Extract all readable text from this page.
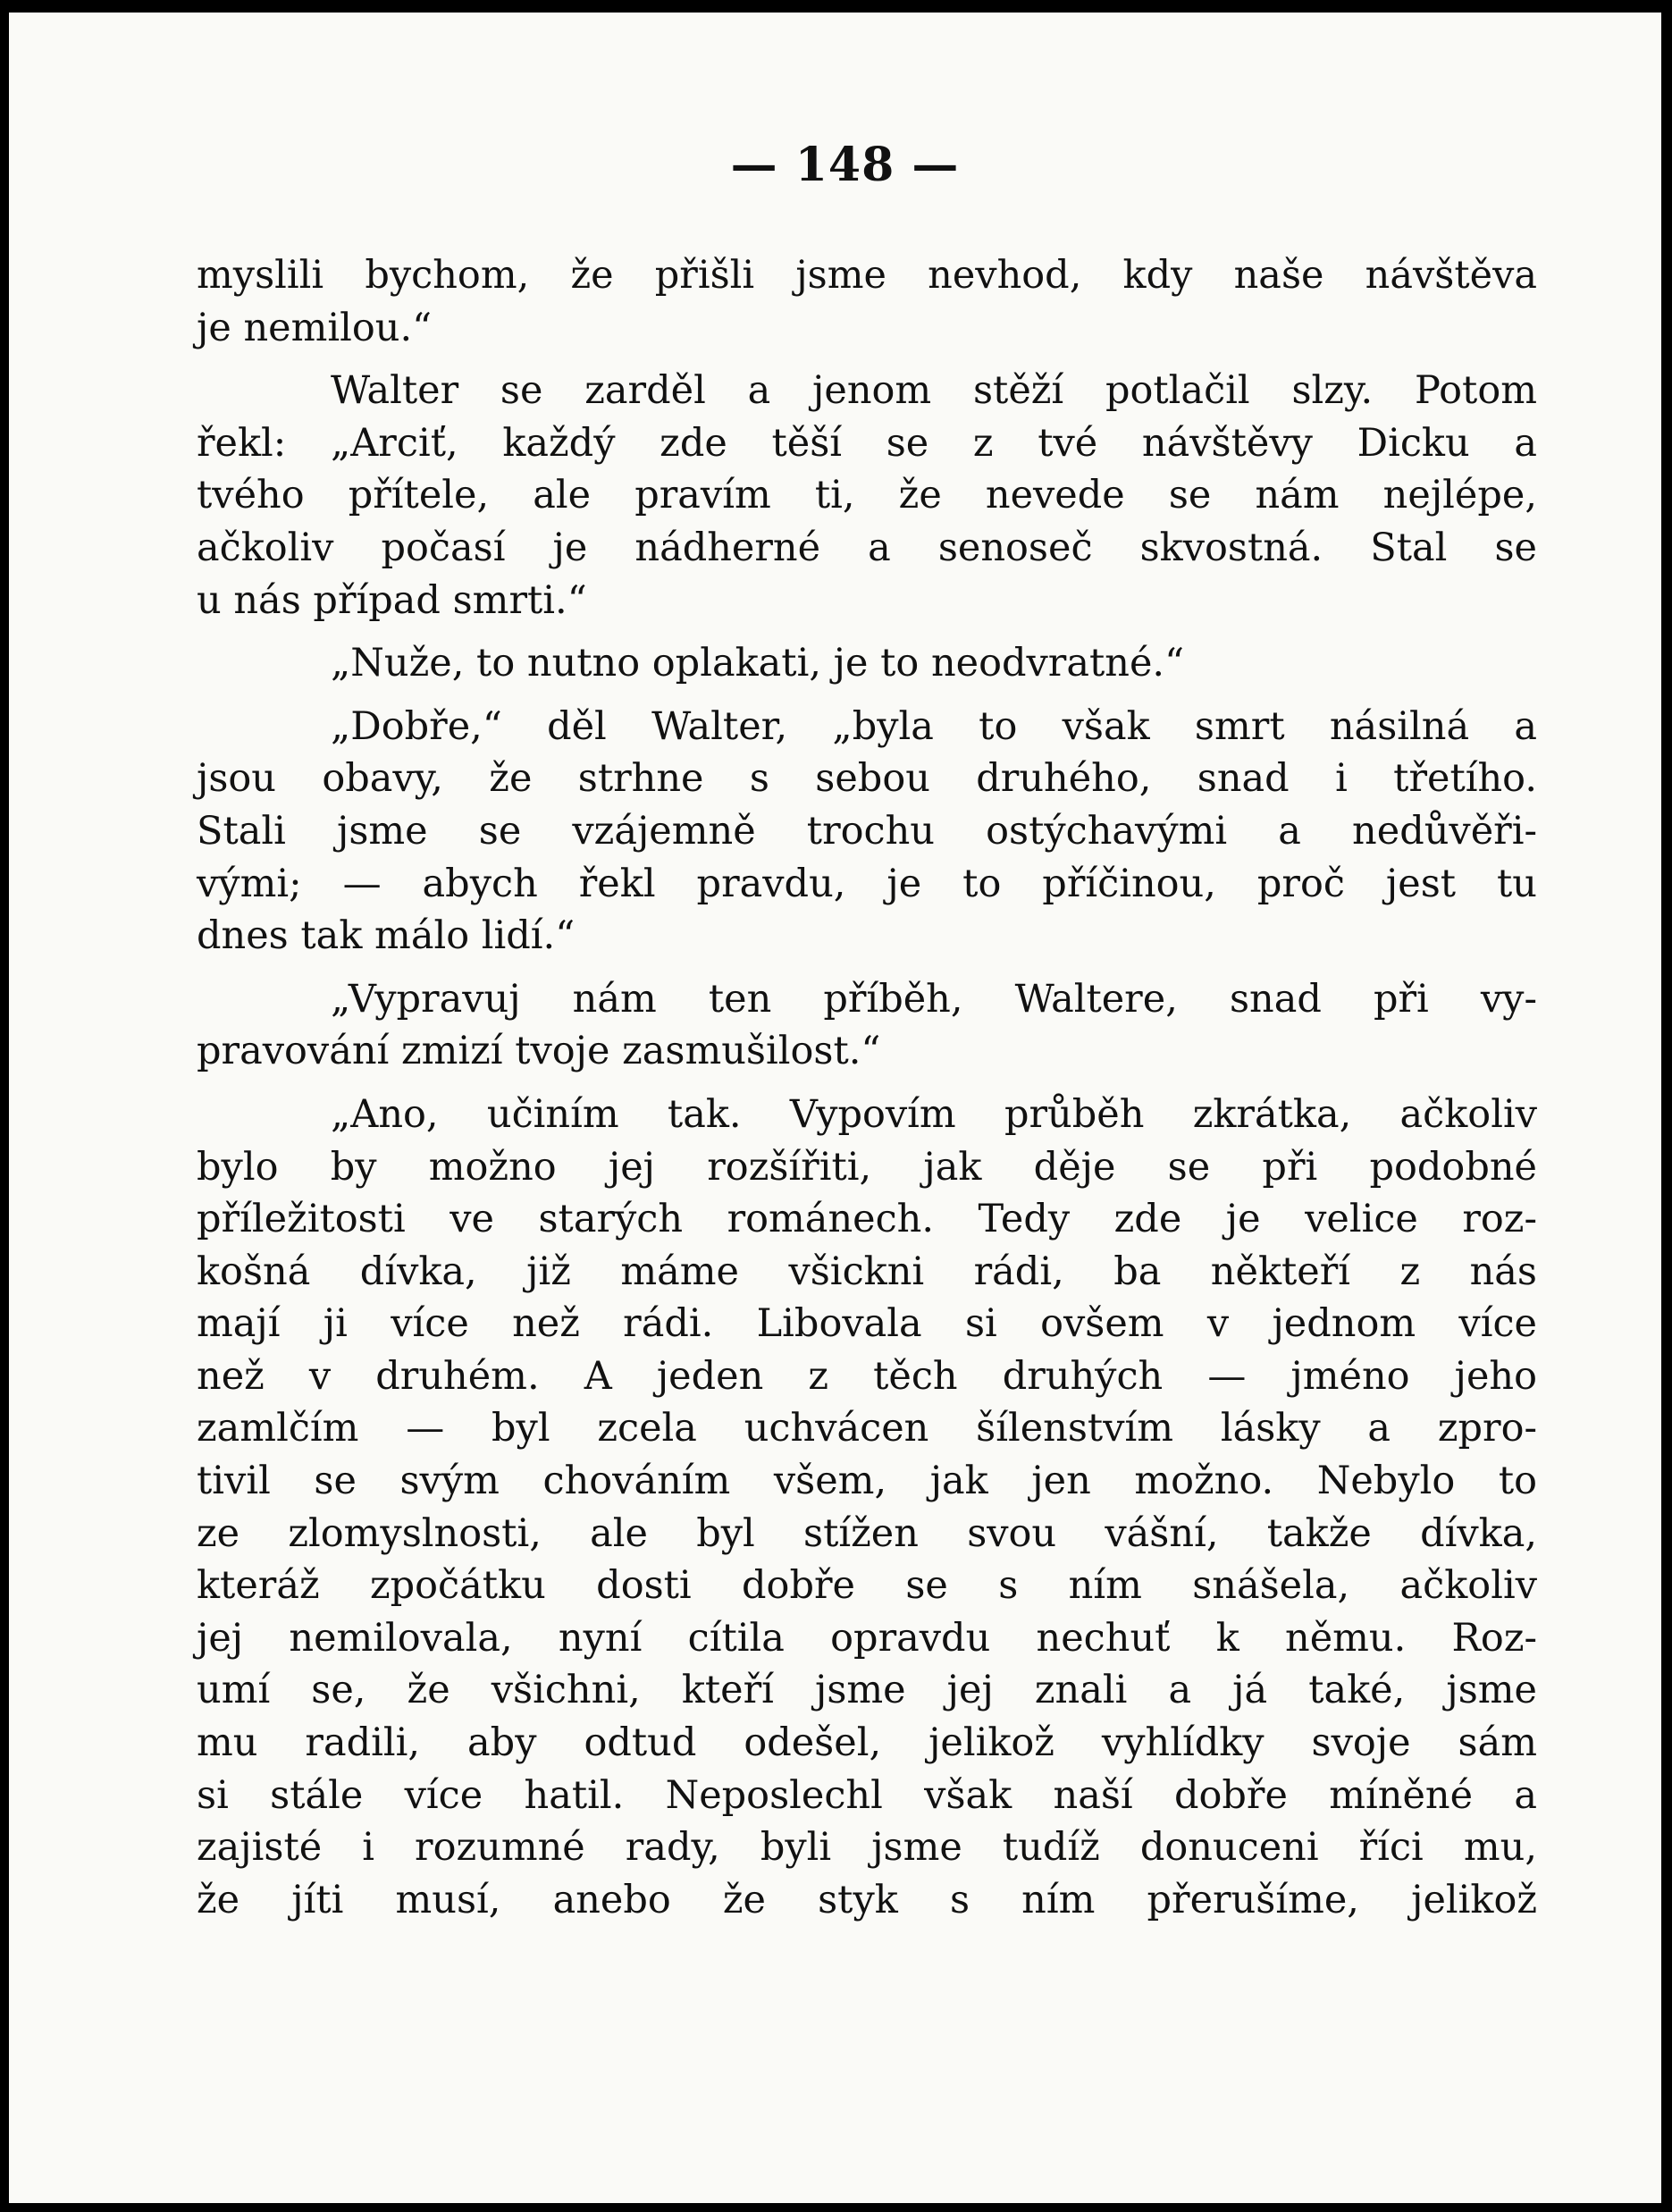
— 148 —
myslili bychom, že přišli jsme nevhod, kdy naše návštěva
je nemilou.“
Walter se zarděl a jenom stěží potlačil slzy. Potom
řekl: „Arciť, každý zde těší se z tvé návštěvy Dicku a
tvého přítele, ale pravím ti, že nevede se nám nejlépe,
ačkoliv počasí je nádherné a senoseč skvostná. Stal se
u nás případ smrti.“
„Nuže, to nutno oplakati, je to neodvratné.“
„Dobře,“ děl Walter, „byla to však smrt násilná a
jsou obavy, že strhne s sebou druhého, snad i třetího.
Stali jsme se vzájemně trochu ostýchavými a nedůvěři-
vými; — abych řekl pravdu, je to příčinou, proč jest tu
dnes tak málo lidí.“
„Vypravuj nám ten příběh, Waltere, snad při vy-
pravování zmizí tvoje zasmušilost.“
„Ano, učiním tak. Vypovím průběh zkrátka, ačkoliv
bylo by možno jej rozšířiti, jak děje se při podobné
příležitosti ve starých románech. Tedy zde je velice roz-
košná dívka, již máme všickni rádi, ba někteří z nás
mají ji více než rádi. Libovala si ovšem v jednom více
než v druhém. A jeden z těch druhých — jméno jeho
zamlčím — byl zcela uchvácen šílenstvím lásky a zpro-
tivil se svým chováním všem, jak jen možno. Nebylo to
ze zlomyslnosti, ale byl stížen svou vášní, takže dívka,
kteráž zpočátku dosti dobře se s ním snášela, ačkoliv
jej nemilovala, nyní cítila opravdu nechuť k němu. Roz-
umí se, že všichni, kteří jsme jej znali a já také, jsme
mu radili, aby odtud odešel, jelikož vyhlídky svoje sám
si stále více hatil. Neposlechl však naší dobře míněné a
zajisté i rozumné rady, byli jsme tudíž donuceni říci mu,
že jíti musí, anebo že styk s ním přerušíme, jelikož
